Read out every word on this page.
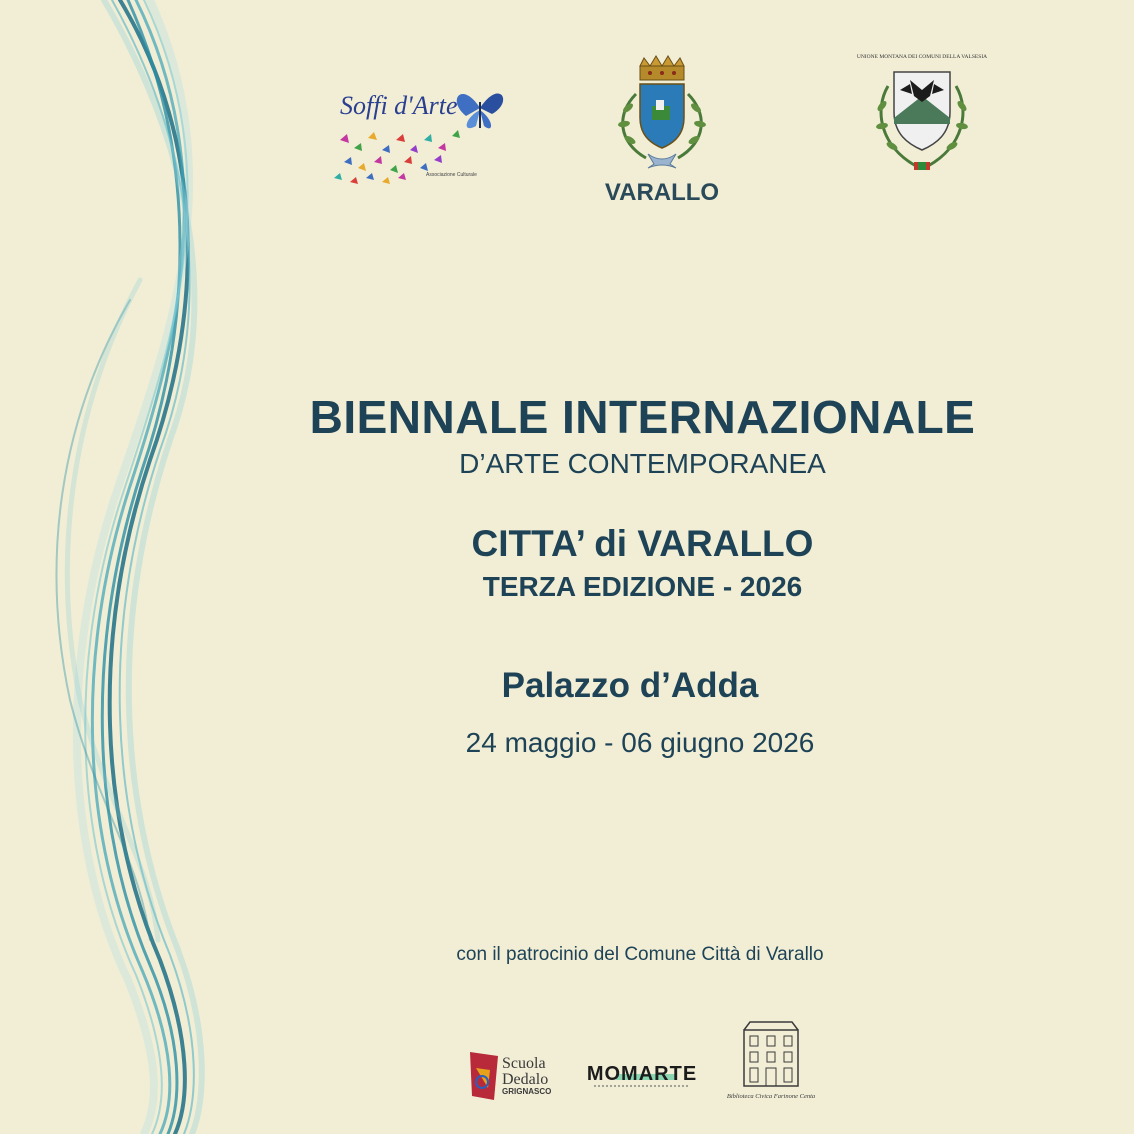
Soffi d'Arte
Associazione Culturale
VARALLO
UNIONE MONTANA DEI COMUNI DELLA VALSESIA
BIENNALE INTERNAZIONALE
D’ARTE CONTEMPORANEA
CITTA’ di VARALLO
TERZA EDIZIONE - 2026
Palazzo d’Adda
24 maggio - 06 giugno 2026
con il patrocinio del Comune Città di Varallo
Scuola
Dedalo
GRIGNASCO
MOMARTE
Biblioteca Civica Farinone Centa
